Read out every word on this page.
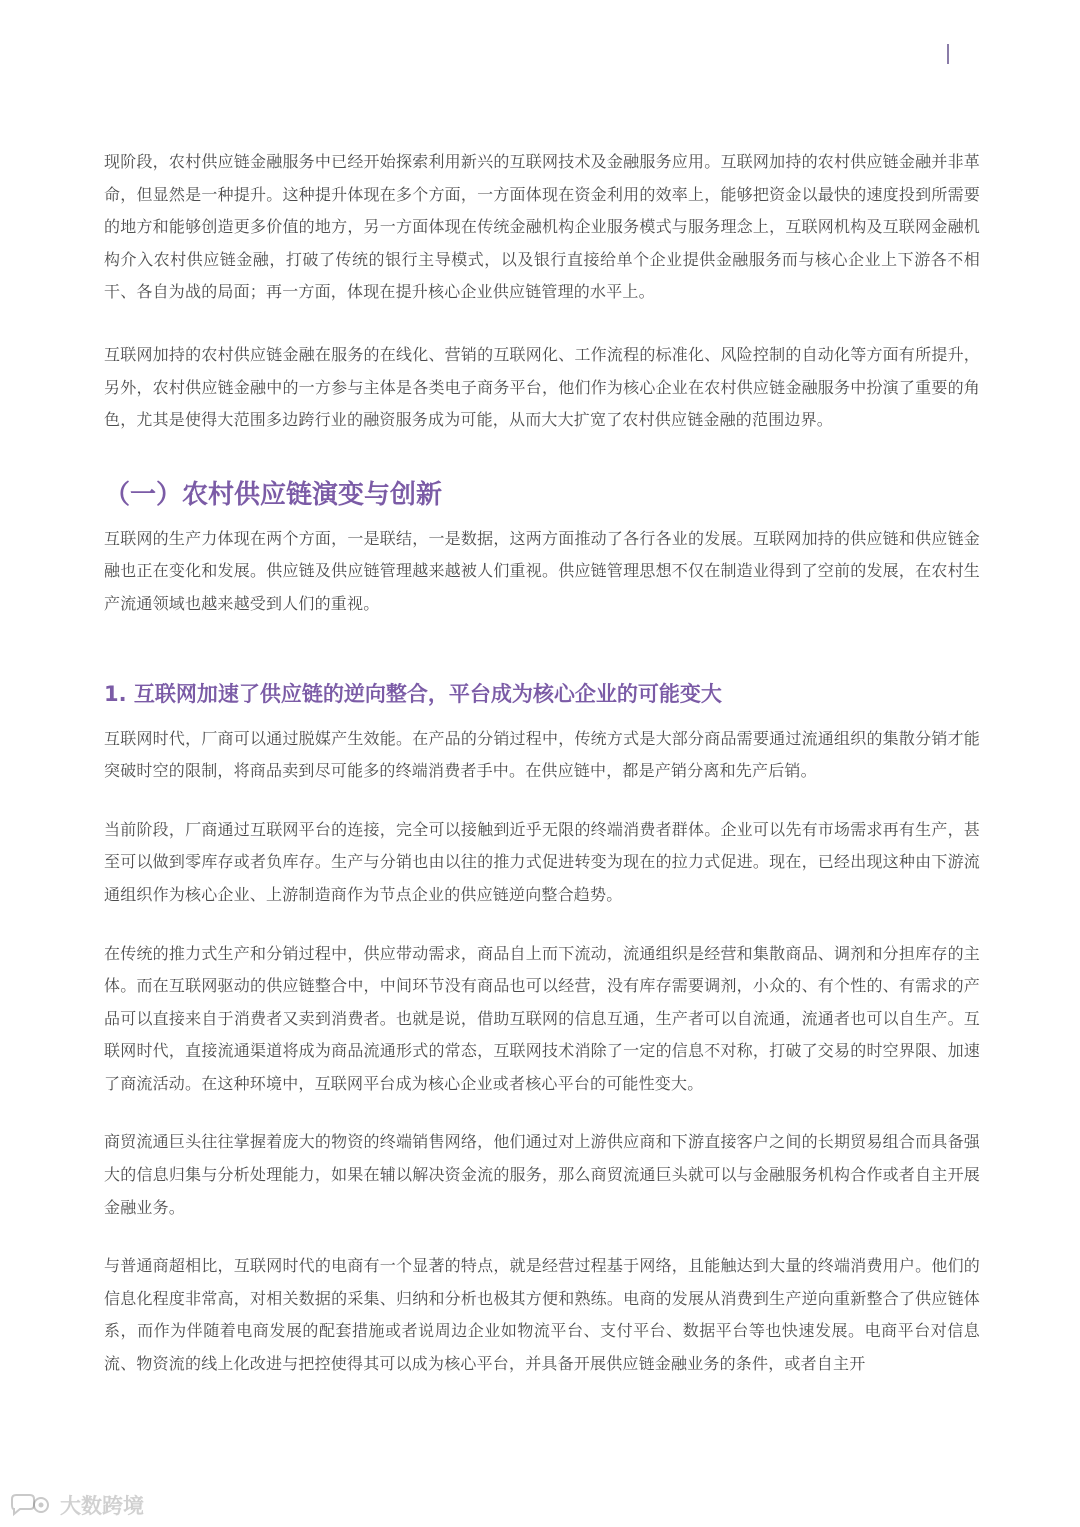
现阶段，农村供应链金融服务中已经开始探索利用新兴的互联网技术及金融服务应用。互联网加持的农村供应链金融并非革命，但显然是一种提升。这种提升体现在多个方面，一方面体现在资金利用的效率上，能够把资金以最快的速度投到所需要的地方和能够创造更多价值的地方，另一方面体现在传统金融机构企业服务模式与服务理念上，互联网机构及互联网金融机构介入农村供应链金融，打破了传统的银行主导模式，以及银行直接给单个企业提供金融服务而与核心企业上下游各不相干、各自为战的局面；再一方面，体现在提升核心企业供应链管理的水平上。

互联网加持的农村供应链金融在服务的在线化、营销的互联网化、工作流程的标准化、风险控制的自动化等方面有所提升，另外，农村供应链金融中的一方参与主体是各类电子商务平台，他们作为核心企业在农村供应链金融服务中扮演了重要的角色，尤其是使得大范围多边跨行业的融资服务成为可能，从而大大扩宽了农村供应链金融的范围边界。

（一）农村供应链演变与创新

互联网的生产力体现在两个方面，一是联结，一是数据，这两方面推动了各行各业的发展。互联网加持的供应链和供应链金融也正在变化和发展。供应链及供应链管理越来越被人们重视。供应链管理思想不仅在制造业得到了空前的发展，在农村生产流通领域也越来越受到人们的重视。

1. 互联网加速了供应链的逆向整合，平台成为核心企业的可能变大

互联网时代，厂商可以通过脱媒产生效能。在产品的分销过程中，传统方式是大部分商品需要通过流通组织的集散分销才能突破时空的限制，将商品卖到尽可能多的终端消费者手中。在供应链中，都是产销分离和先产后销。

当前阶段，厂商通过互联网平台的连接，完全可以接触到近乎无限的终端消费者群体。企业可以先有市场需求再有生产，甚至可以做到零库存或者负库存。生产与分销也由以往的推力式促进转变为现在的拉力式促进。现在，已经出现这种由下游流通组织作为核心企业、上游制造商作为节点企业的供应链逆向整合趋势。

在传统的推力式生产和分销过程中，供应带动需求，商品自上而下流动，流通组织是经营和集散商品、调剂和分担库存的主体。而在互联网驱动的供应链整合中，中间环节没有商品也可以经营，没有库存需要调剂，小众的、有个性的、有需求的产品可以直接来自于消费者又卖到消费者。也就是说，借助互联网的信息互通，生产者可以自流通，流通者也可以自生产。互联网时代，直接流通渠道将成为商品流通形式的常态，互联网技术消除了一定的信息不对称，打破了交易的时空界限、加速了商流活动。在这种环境中，互联网平台成为核心企业或者核心平台的可能性变大。

商贸流通巨头往往掌握着庞大的物资的终端销售网络，他们通过对上游供应商和下游直接客户之间的长期贸易组合而具备强大的信息归集与分析处理能力，如果在辅以解决资金流的服务，那么商贸流通巨头就可以与金融服务机构合作或者自主开展金融业务。

与普通商超相比，互联网时代的电商有一个显著的特点，就是经营过程基于网络，且能触达到大量的终端消费用户。他们的信息化程度非常高，对相关数据的采集、归纳和分析也极其方便和熟练。电商的发展从消费到生产逆向重新整合了供应链体系，而作为伴随着电商发展的配套措施或者说周边企业如物流平台、支付平台、数据平台等也快速发展。电商平台对信息流、物资流的线上化改进与把控使得其可以成为核心平台，并具备开展供应链金融业务的条件，或者自主开

大数跨境
